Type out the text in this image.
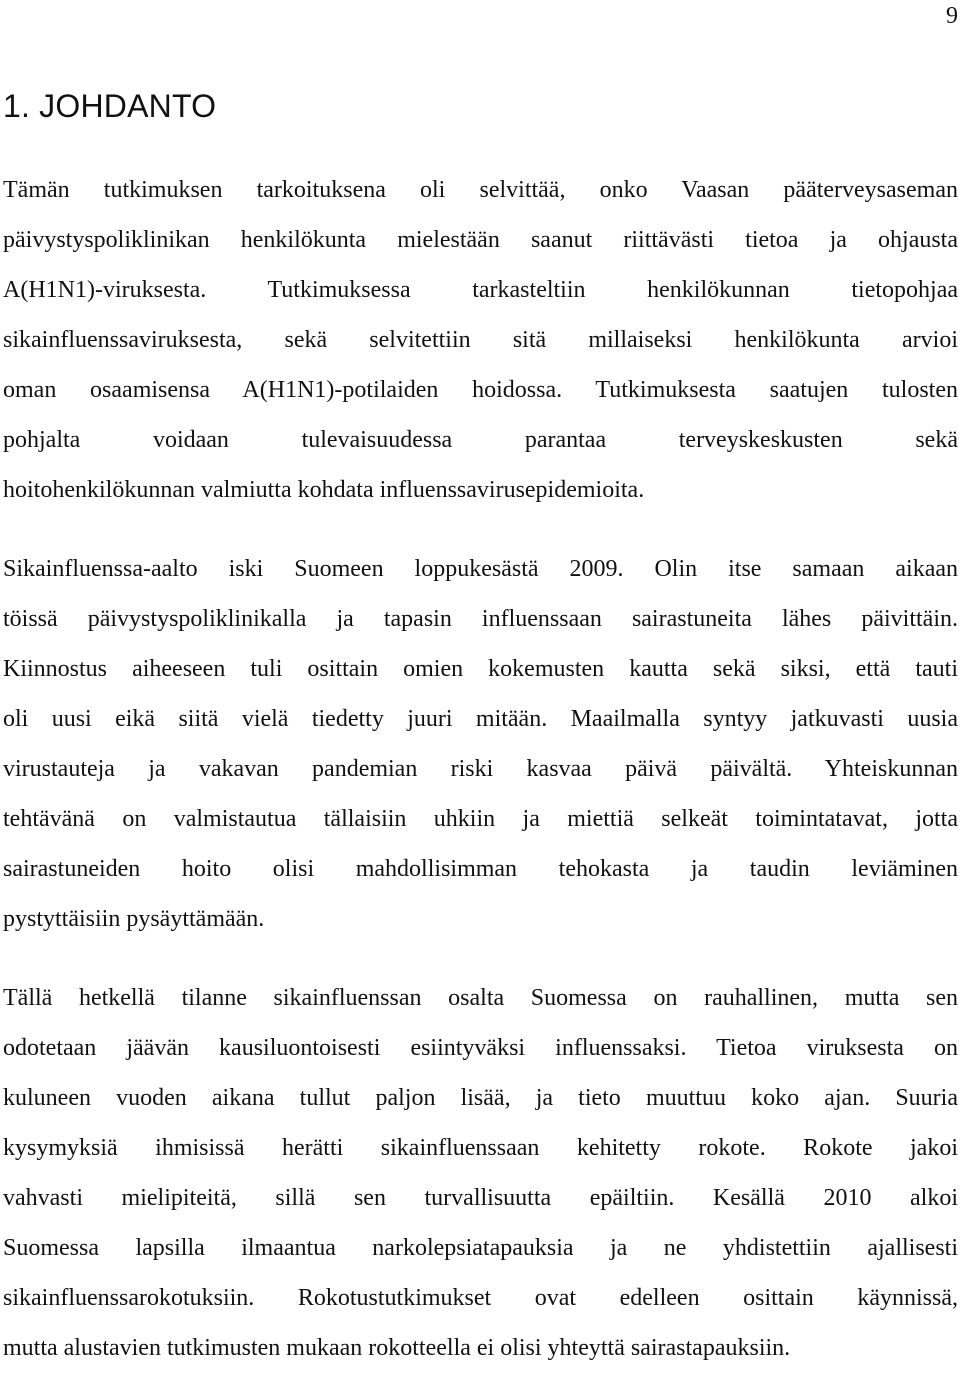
9
1. JOHDANTO
Tämän tutkimuksen tarkoituksena oli selvittää, onko Vaasan pääterveysaseman
päivystyspoliklinikan henkilökunta mielestään saanut riittävästi tietoa ja ohjausta
A(H1N1)-viruksesta. Tutkimuksessa tarkasteltiin henkilökunnan tietopohjaa
sikainfluenssaviruksesta, sekä selvitettiin sitä millaiseksi henkilökunta arvioi
oman osaamisensa A(H1N1)-potilaiden hoidossa. Tutkimuksesta saatujen tulosten
pohjalta voidaan tulevaisuudessa parantaa terveyskeskusten sekä
hoitohenkilökunnan valmiutta kohdata influenssavirusepidemioita.
Sikainfluenssa-aalto iski Suomeen loppukesästä 2009. Olin itse samaan aikaan
töissä päivystyspoliklinikalla ja tapasin influenssaan sairastuneita lähes päivittäin.
Kiinnostus aiheeseen tuli osittain omien kokemusten kautta sekä siksi, että tauti
oli uusi eikä siitä vielä tiedetty juuri mitään. Maailmalla syntyy jatkuvasti uusia
virustauteja ja vakavan pandemian riski kasvaa päivä päivältä. Yhteiskunnan
tehtävänä on valmistautua tällaisiin uhkiin ja miettiä selkeät toimintatavat, jotta
sairastuneiden hoito olisi mahdollisimman tehokasta ja taudin leviäminen
pystyttäisiin pysäyttämään.
Tällä hetkellä tilanne sikainfluenssan osalta Suomessa on rauhallinen, mutta sen
odotetaan jäävän kausiluontoisesti esiintyväksi influenssaksi. Tietoa viruksesta on
kuluneen vuoden aikana tullut paljon lisää, ja tieto muuttuu koko ajan. Suuria
kysymyksiä ihmisissä herätti sikainfluenssaan kehitetty rokote. Rokote jakoi
vahvasti mielipiteitä, sillä sen turvallisuutta epäiltiin. Kesällä 2010 alkoi
Suomessa lapsilla ilmaantua narkolepsiatapauksia ja ne yhdistettiin ajallisesti
sikainfluenssarokotuksiin. Rokotustutkimukset ovat edelleen osittain käynnissä,
mutta alustavien tutkimusten mukaan rokotteella ei olisi yhteyttä sairastapauksiin.
